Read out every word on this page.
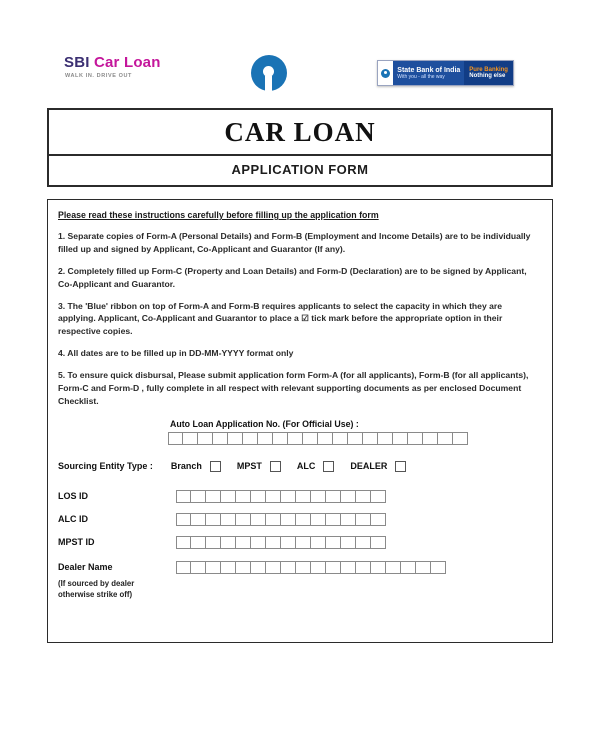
SBI Car Loan
WALK IN. DRIVE OUT
State Bank of India
With you - all the way
Pure Banking
Nothing else
CAR LOAN
APPLICATION FORM
Please read these instructions carefully before filling up the application form
1. Separate copies of Form-A (Personal Details) and Form-B (Employment and Income Details) are to be individually filled up and signed by Applicant, Co-Applicant and Guarantor (If any).
2. Completely filled up Form-C (Property and Loan Details) and Form-D (Declaration) are to be signed by Applicant, Co-Applicant and Guarantor.
3. The 'Blue' ribbon on top of Form-A and Form-B requires applicants to select the capacity in which they are applying. Applicant, Co-Applicant and Guarantor to place a ☑ tick mark before the appropriate option in their respective copies.
4. All dates are to be filled up in DD-MM-YYYY format only
5. To ensure quick disbursal, Please submit application form Form-A (for all applicants), Form-B (for all applicants), Form-C and Form-D , fully complete in all respect with relevant supporting documents as per enclosed Document Checklist.
Auto Loan Application No. (For Official Use) :
Sourcing Entity Type : Branch	MPST	ALC	DEALER
LOS ID
ALC ID
MPST ID
Dealer Name
(If sourced by dealer
otherwise strike off)
